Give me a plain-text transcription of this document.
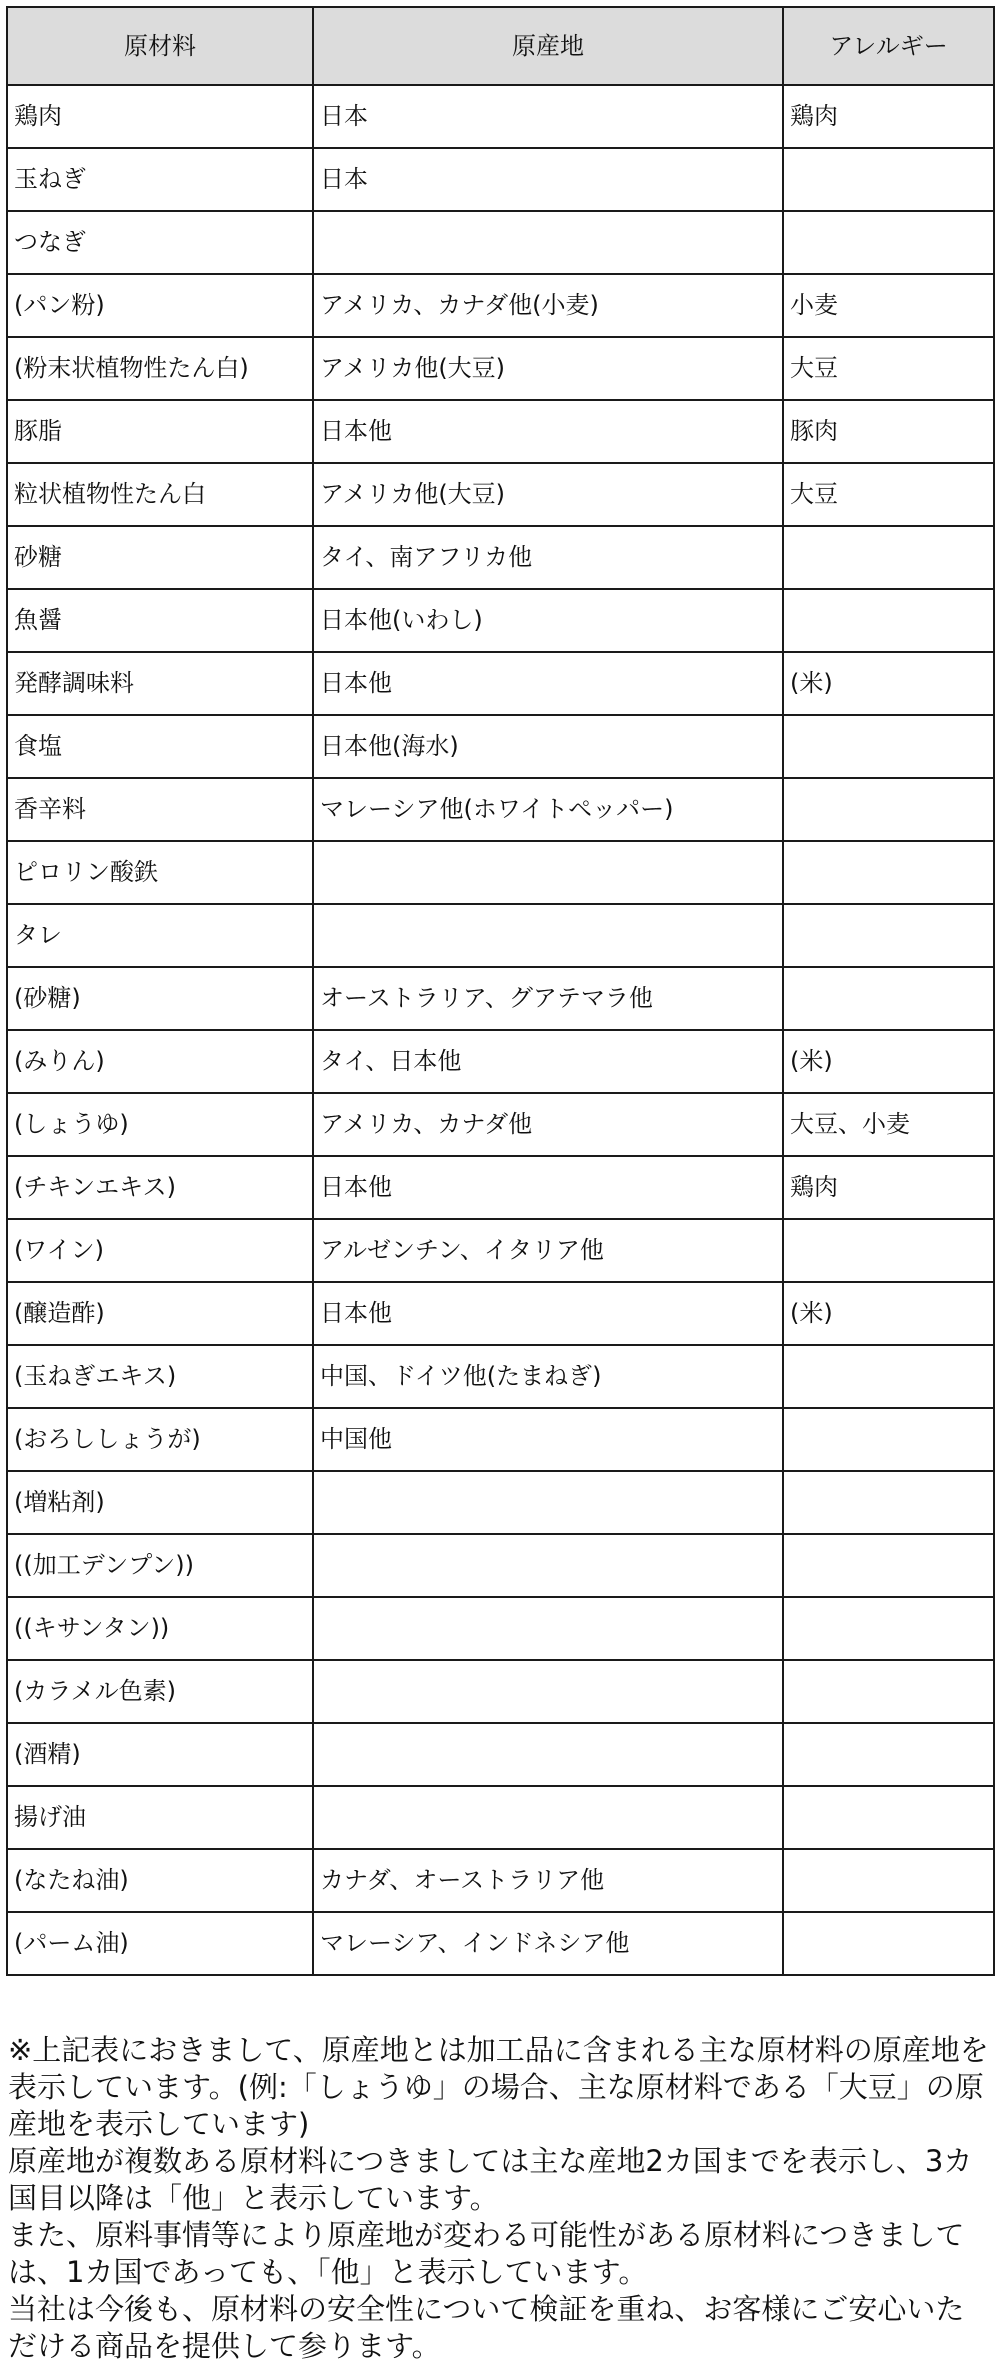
原材料	原産地	アレルギー
鶏肉	日本	鶏肉
玉ねぎ	日本	
つなぎ		
(パン粉)	アメリカ、カナダ他(小麦)	小麦
(粉末状植物性たん白)	アメリカ他(大豆)	大豆
豚脂	日本他	豚肉
粒状植物性たん白	アメリカ他(大豆)	大豆
砂糖	タイ、南アフリカ他	
魚醤	日本他(いわし)	
発酵調味料	日本他	(米)
食塩	日本他(海水)	
香辛料	マレーシア他(ホワイトペッパー)	
ピロリン酸鉄		
タレ		
(砂糖)	オーストラリア、グアテマラ他	
(みりん)	タイ、日本他	(米)
(しょうゆ)	アメリカ、カナダ他	大豆、小麦
(チキンエキス)	日本他	鶏肉
(ワイン)	アルゼンチン、イタリア他	
(醸造酢)	日本他	(米)
(玉ねぎエキス)	中国、ドイツ他(たまねぎ)	
(おろししょうが)	中国他	
(増粘剤)		
((加工デンプン))		
((キサンタン))		
(カラメル色素)		
(酒精)		
揚げ油		
(なたね油)	カナダ、オーストラリア他	
(パーム油)	マレーシア、インドネシア他	

※上記表におきまして、原産地とは加工品に含まれる主な原材料の原産地を表示しています。(例:「しょうゆ」の場合、主な原材料である「大豆」の原産地を表示しています)

原産地が複数ある原材料につきましては主な産地2カ国までを表示し、3カ国目以降は「他」と表示しています。

また、原料事情等により原産地が変わる可能性がある原材料につきましては、1カ国であっても、「他」と表示しています。

当社は今後も、原材料の安全性について検証を重ね、お客様にご安心いただける商品を提供して参ります。
